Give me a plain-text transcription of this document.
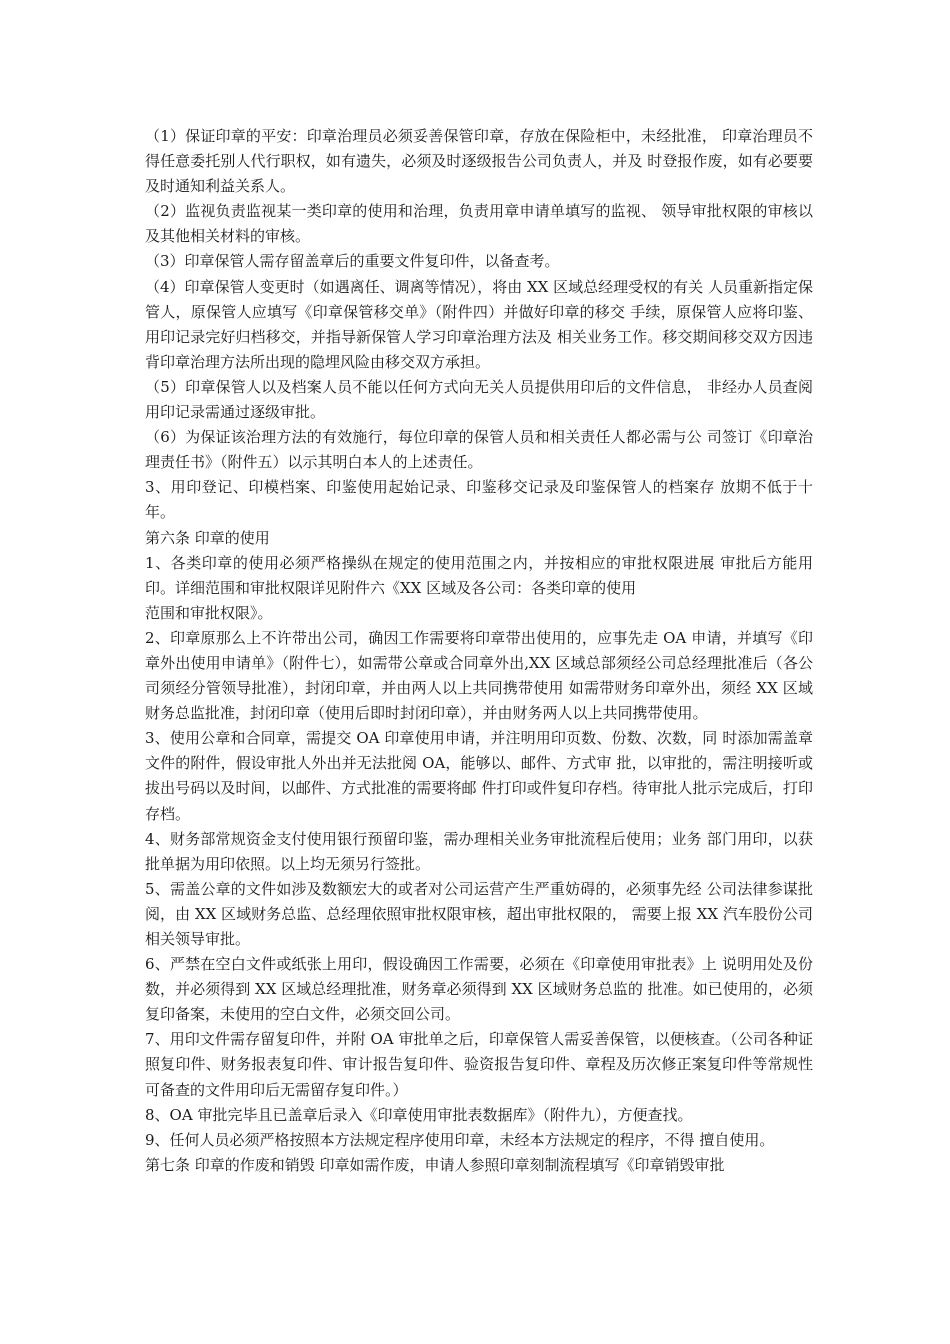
（1）保证印章的平安：印章治理员必须妥善保管印章，存放在保险柜中，未经批准， 印章治理员不得任意委托别人代行职权，如有遗失，必须及时逐级报告公司负责人，并及 时登报作废，如有必要要及时通知利益关系人。

（2）监视负责监视某一类印章的使用和治理，负责用章申请单填写的监视、 领导审批权限的审核以及其他相关材料的审核。

（3）印章保管人需存留盖章后的重要文件复印件，以备查考。

（4）印章保管人变更时（如遇离任、调离等情况），将由 XX 区域总经理受权的有关 人员重新指定保管人，原保管人应填写《印章保管移交单》（附件四）并做好印章的移交 手续，原保管人应将印鉴、用印记录完好归档移交，并指导新保管人学习印章治理方法及 相关业务工作。移交期间移交双方因违背印章治理方法所出现的隐埋风险由移交双方承担。

（5）印章保管人以及档案人员不能以任何方式向无关人员提供用印后的文件信息， 非经办人员查阅用印记录需通过逐级审批。

（6）为保证该治理方法的有效施行，每位印章的保管人员和相关责任人都必需与公 司签订《印章治理责任书》（附件五）以示其明白本人的上述责任。

3、用印登记、印模档案、印鉴使用起始记录、印鉴移交记录及印鉴保管人的档案存 放期不低于十年。

第六条 印章的使用

1、各类印章的使用必须严格操纵在规定的使用范围之内，并按相应的审批权限进展 审批后方能用印。详细范围和审批权限详见附件六《XX 区域及各公司：各类印章的使用
范围和审批权限》。

2、印章原那么上不许带出公司，确因工作需要将印章带出使用的，应事先走 OA 申请，并填写《印章外出使用申请单》（附件七），如需带公章或合同章外出,XX 区域总部须经公司总经理批准后（各公司须经分管领导批准），封闭印章，并由两人以上共同携带使用 如需带财务印章外出，须经 XX 区域财务总监批准，封闭印章（使用后即时封闭印章），并由财务两人以上共同携带使用。

3、使用公章和合同章，需提交 OA 印章使用申请，并注明用印页数、份数、次数，同 时添加需盖章文件的附件，假设审批人外出并无法批阅 OA，能够以、邮件、方式审 批，以审批的，需注明接听或拔出号码以及时间，以邮件、方式批准的需要将邮 件打印或件复印存档。待审批人批示完成后，打印存档。

4、财务部常规资金支付使用银行预留印鉴，需办理相关业务审批流程后使用；业务 部门用印，以获批单据为用印依照。以上均无须另行签批。

5、需盖公章的文件如涉及数额宏大的或者对公司运营产生严重妨碍的，必须事先经 公司法律参谋批阅，由 XX 区域财务总监、总经理依照审批权限审核，超出审批权限的， 需要上报 XX 汽车股份公司相关领导审批。

6、严禁在空白文件或纸张上用印，假设确因工作需要，必须在《印章使用审批表》上 说明用处及份数，并必须得到 XX 区域总经理批准，财务章必须得到 XX 区域财务总监的 批准。如已使用的，必须复印备案，未使用的空白文件，必须交回公司。

7、用印文件需存留复印件，并附 OA 审批单之后，印章保管人需妥善保管，以便核查。（公司各种证照复印件、财务报表复印件、审计报告复印件、验资报告复印件、章程及历次修正案复印件等常规性可备查的文件用印后无需留存复印件。）

8、OA 审批完毕且已盖章后录入《印章使用审批表数据库》（附件九），方便查找。

9、任何人员必须严格按照本方法规定程序使用印章，未经本方法规定的程序，不得 擅自使用。

第七条 印章的作废和销毁 印章如需作废，申请人参照印章刻制流程填写《印章销毁审批
